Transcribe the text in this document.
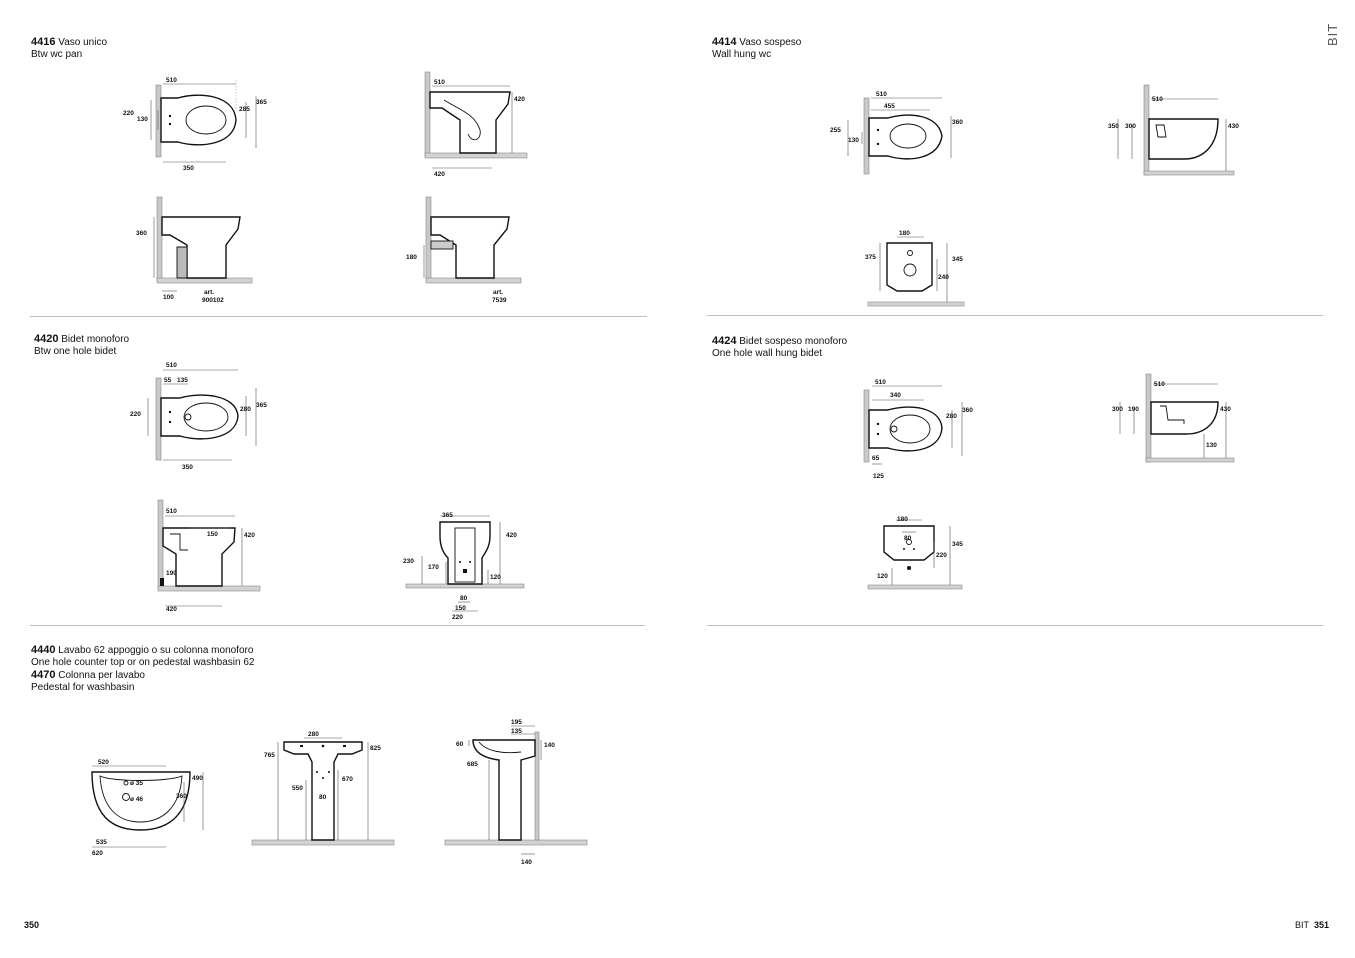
4416 Vaso unico
Btw wc pan
4414 Vaso sospeso
Wall hung wc
4420 Bidet monoforo
Btw one hole bidet
4424 Bidet sospeso monoforo
One hole wall hung bidet
4440 Lavabo 62 appoggio o su colonna monoforo
One hole counter top or on pedestal washbasin 62
4470 Colonna per lavabo
Pedestal for washbasin
BIT
510
220
130
285
365
350
510
420
420
360
100
art.
900102
180
art.
7539
510
455
255
130
360
510
350 300	430
180
375	345
240
510
55 135
220
280
365
350
510
150	420
190
420
365
420
230
170
120
80
150
220
510
340
280
360
65
125
510
300 190	430
130
180
80
345
220
120
520
ø 35
ø 46
490
360
535
620
280
765
825
670
550
80
195
135
60	140
685
140
350	BIT 351
